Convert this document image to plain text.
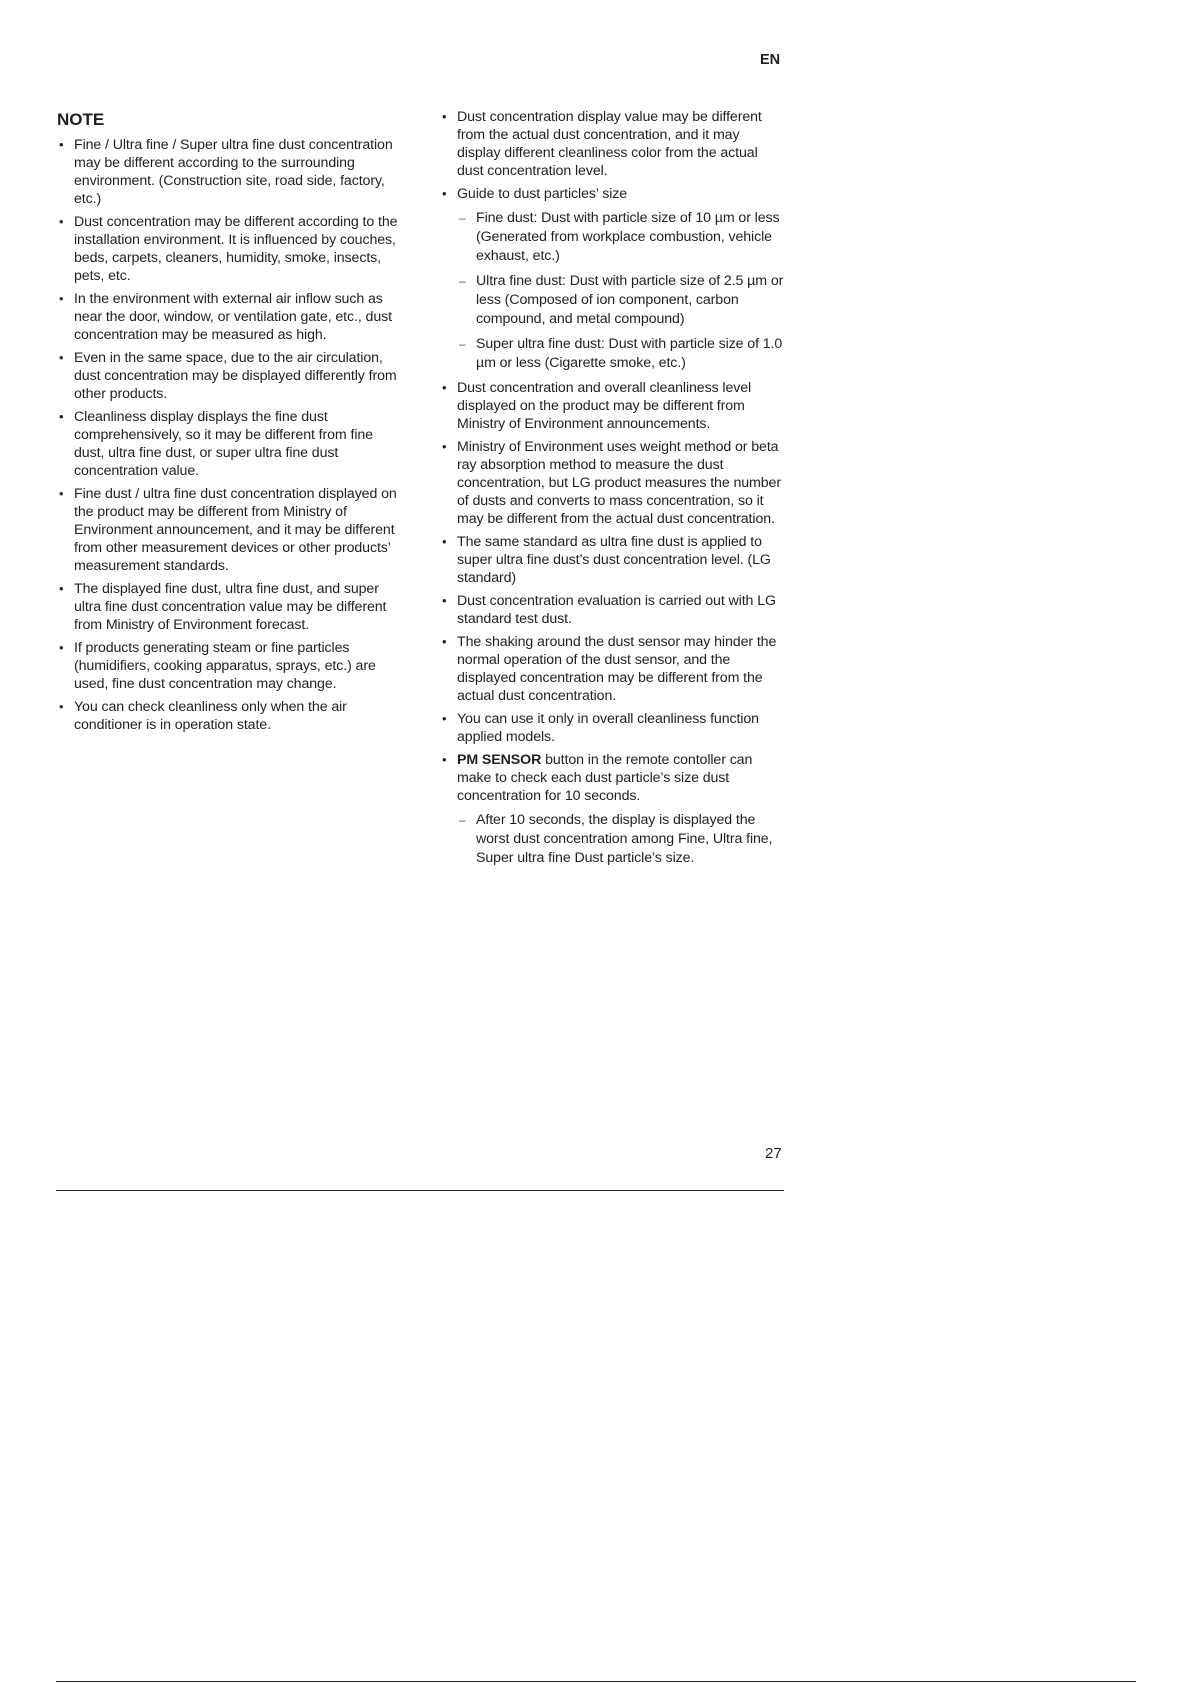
EN
NOTE
• Fine / Ultra fine / Super ultra fine dust concentration may be different according to the surrounding environment. (Construction site, road side, factory, etc.)
• Dust concentration may be different according to the installation environment. It is influenced by couches, beds, carpets, cleaners, humidity, smoke, insects, pets, etc.
• In the environment with external air inflow such as near the door, window, or ventilation gate, etc., dust concentration may be measured as high.
• Even in the same space, due to the air circulation, dust concentration may be displayed differently from other products.
• Cleanliness display displays the fine dust comprehensively, so it may be different from fine dust, ultra fine dust, or super ultra fine dust concentration value.
• Fine dust / ultra fine dust concentration displayed on the product may be different from Ministry of Environment announcement, and it may be different from other measurement devices or other products’ measurement standards.
• The displayed fine dust, ultra fine dust, and super ultra fine dust concentration value may be different from Ministry of Environment forecast.
• If products generating steam or fine particles (humidifiers, cooking apparatus, sprays, etc.) are used, fine dust concentration may change.
• You can check cleanliness only when the air conditioner is in operation state.
• Dust concentration display value may be different from the actual dust concentration, and it may display different cleanliness color from the actual dust concentration level.
• Guide to dust particles’ size
– Fine dust: Dust with particle size of 10 µm or less (Generated from workplace combustion, vehicle exhaust, etc.)
– Ultra fine dust: Dust with particle size of 2.5 µm or less (Composed of ion component, carbon compound, and metal compound)
– Super ultra fine dust: Dust with particle size of 1.0 µm or less (Cigarette smoke, etc.)
• Dust concentration and overall cleanliness level displayed on the product may be different from Ministry of Environment announcements.
• Ministry of Environment uses weight method or beta ray absorption method to measure the dust concentration, but LG product measures the number of dusts and converts to mass concentration, so it may be different from the actual dust concentration.
• The same standard as ultra fine dust is applied to super ultra fine dust’s dust concentration level. (LG standard)
• Dust concentration evaluation is carried out with LG standard test dust.
• The shaking around the dust sensor may hinder the normal operation of the dust sensor, and the displayed concentration may be different from the actual dust concentration.
• You can use it only in overall cleanliness function applied models.
• PM SENSOR button in the remote contoller can make to check each dust particle’s size dust concentration for 10 seconds.
– After 10 seconds, the display is displayed the worst dust concentration among Fine, Ultra fine, Super ultra fine Dust particle’s size.
27
